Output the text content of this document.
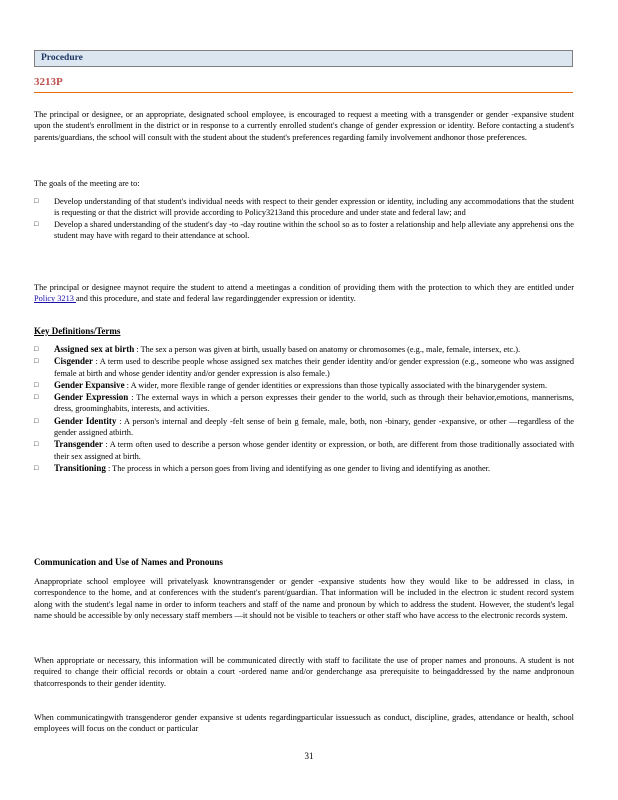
Procedure
3213P

The principal or designee, or an appropriate, designated school employee, is encouraged to request a meeting with a transgender or gender -expansive student upon the student's enrollment in the district or in response to a currently enrolled student's change of gender expression or identity. Before contacting a student's parents/guardians, the school will consult with the student about the student's preferences regarding family involvement andhonor those preferences.

The goals of the meeting are to:

□ Develop understanding of that student's individual needs with respect to their gender expression or identity, including any accommodations that the student is requesting or that the district will provide according to Policy3213and this procedure and under state and federal law; and
□ Develop a shared understanding of the student's day -to -day routine within the school so as to foster a relationship and help alleviate any apprehensi ons the student may have with regard to their attendance at school.

The principal or designee maynot require the student to attend a meetingas a condition of providing them with the protection to which they are entitled under Policy 3213 and this procedure, and state and federal law regardinggender expression or identity.

Key Definitions/Terms
□ Assigned sex at birth : The sex a person was given at birth, usually based on anatomy or chromosomes (e.g., male, female, intersex, etc.).
□ Cisgender : A term used to describe people whose assigned sex matches their gender identity and/or gender expression (e.g., someone who was assigned female at birth and whose gender identity and/or gender expression is also female.)
□ Gender Expansive : A wider, more flexible range of gender identities or expressions than those typically associated with the binarygender system.
□ Gender Expression : The external ways in which a person expresses their gender to the world, such as through their behavior,emotions, mannerisms, dress, groominghabits, interests, and activities.
□ Gender Identity : A person's internal and deeply -felt sense of bein g female, male, both, non -binary, gender -expansive, or other —regardless of the gender assigned atbirth.
□ Transgender : A term often used to describe a person whose gender identity or expression, or both, are different from those traditionally associated with their sex assigned at birth.
□ Transitioning : The process in which a person goes from living and identifying as one gender to living and identifying as another.
Communication and Use of Names and Pronouns

Anappropriate school employee will privatelyask knowntransgender or gender -expansive students how they would like to be addressed in class, in correspondence to the home, and at conferences with the student's parent/guardian. That information will be included in the electron ic student record system along with the student's legal name in order to inform teachers and staff of the name and pronoun by which to address the student. However, the student's legal name should be accessible by only necessary staff members —it should not be visible to teachers or other staff who have access to the electronic records system.

When appropriate or necessary, this information will be communicated directly with staff to facilitate the use of proper names and pronouns. A student is not required to change their official records or obtain a court -ordered name and/or genderchange asa prerequisite to beingaddressed by the name andpronoun thatcorresponds to their gender identity.

When communicatingwith transgenderor gender expansive st udents regardingparticular issuessuch as conduct, discipline, grades, attendance or health, school employees will focus on the conduct or particular

31
